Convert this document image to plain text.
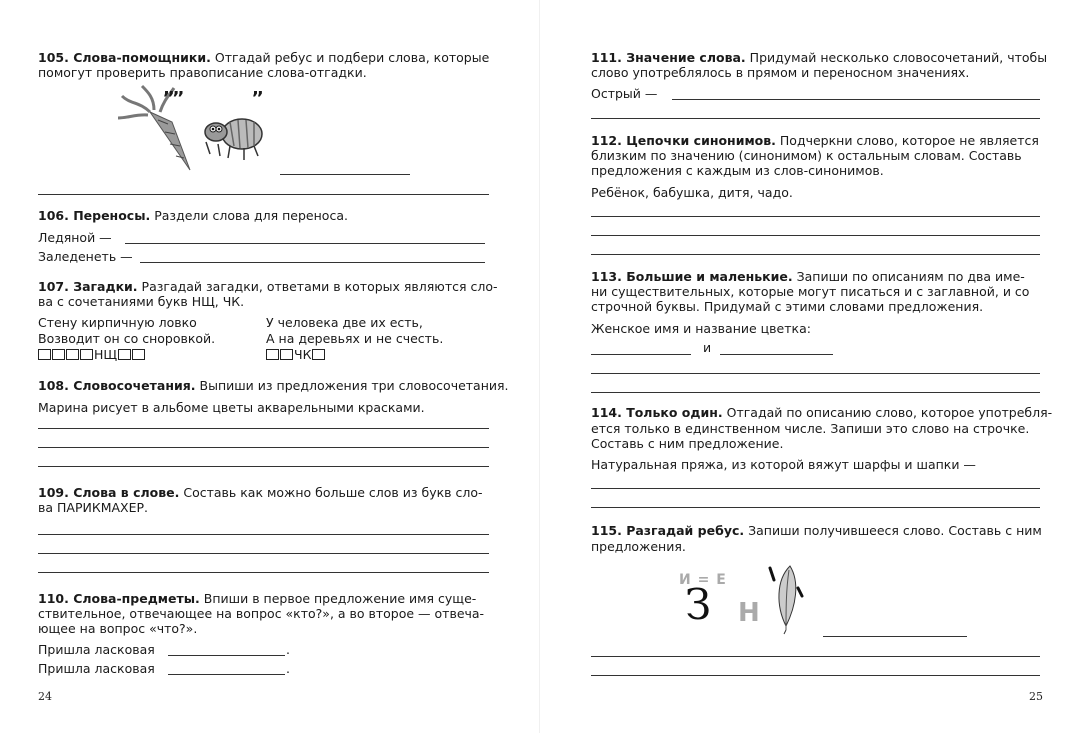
105. Слова-помощники. Отгадай ребус и подбери слова, которые
помогут проверить правописание слова-отгадки.
’’’’	’’
106. Переносы. Раздели слова для переноса.
Ледяной —
Заледенеть —
107. Загадки. Разгадай загадки, ответами в которых являются сло-
ва с сочетаниями букв НЩ, ЧК.
Стену кирпичную ловко
Возводит он со сноровкой.
НЩ
У человека две их есть,
А на деревьях и не счесть.
ЧК
108. Словосочетания. Выпиши из предложения три словосочетания.
Марина рисует в альбоме цветы акварельными красками.
109. Слова в слове. Составь как можно больше слов из букв сло-
ва ПАРИКМАХЕР.
110. Слова-предметы. Впиши в первое предложение имя суще-
ствительное, отвечающее на вопрос «кто?», а во второе — отвеча-
ющее на вопрос «что?».
Пришла ласковая	.
Пришла ласковая	.
24
111. Значение слова. Придумай несколько словосочетаний, чтобы
слово употреблялось в прямом и переносном значениях.
Острый —
112. Цепочки синонимов. Подчеркни слово, которое не является
близким по значению (синонимом) к остальным словам. Составь
предложения с каждым из слов-синонимов.
Ребёнок, бабушка, дитя, чадо.
113. Большие и маленькие. Запиши по описаниям по два име-
ни существительных, которые могут писаться и с заглавной, и со
строчной буквы. Придумай с этими словами предложения.
Женское имя и название цветка:
и
114. Только один. Отгадай по описанию слово, которое употребля-
ется только в единственном числе. Запиши это слово на строчке.
Составь с ним предложение.
Натуральная пряжа, из которой вяжут шарфы и шапки —
115. Разгадай ребус. Запиши получившееся слово. Составь с ним
предложения.
И = Е
З Н
25
